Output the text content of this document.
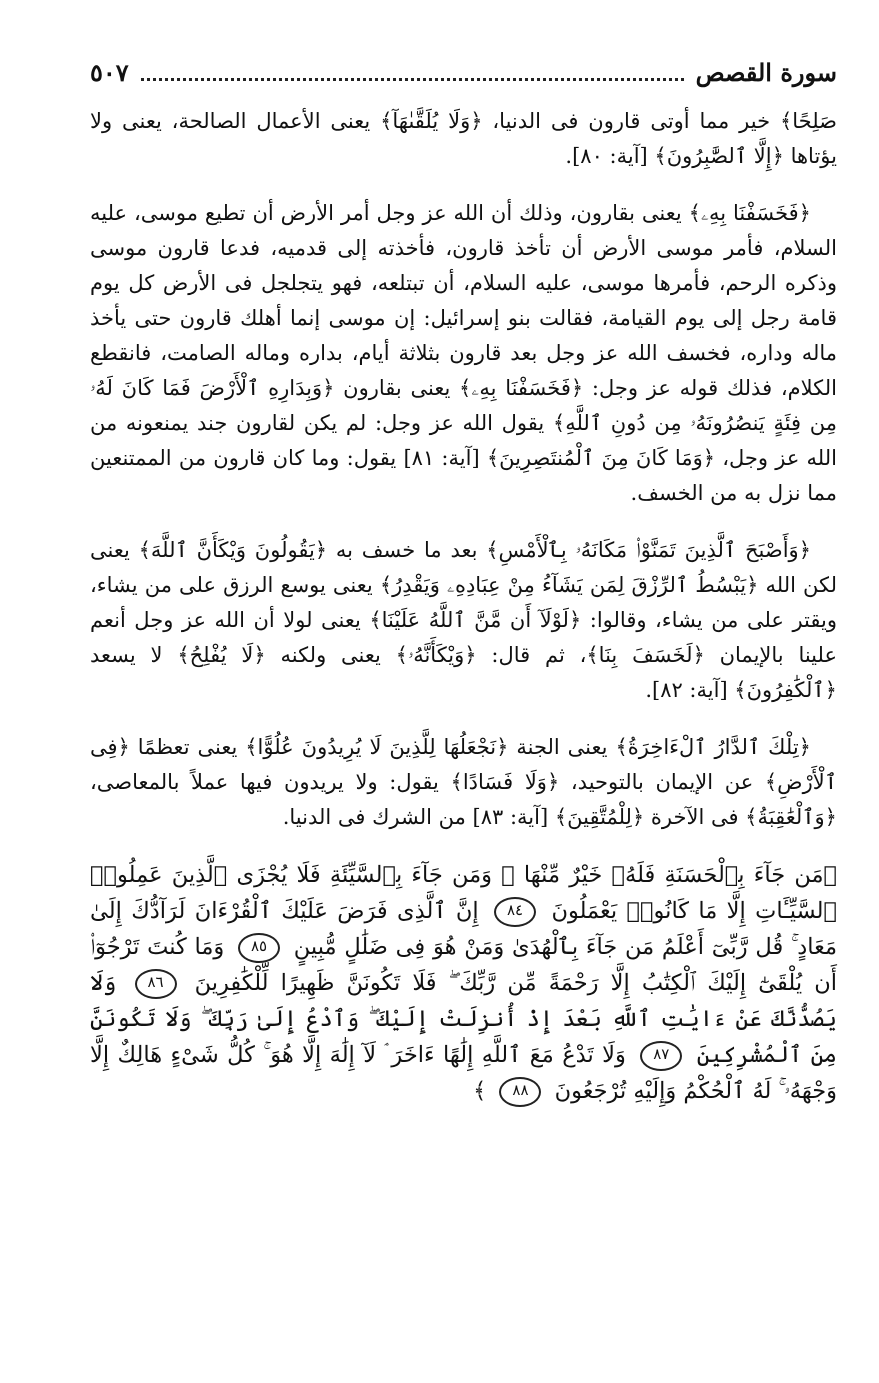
سورة القصص
٥٠٧

صَلِحًا﴾ خير مما أوتى قارون فى الدنيا، ﴿وَلَا يُلَقَّىٰهَآ﴾ يعنى الأعمال الصالحة، يعنى ولا يؤتاها ﴿إِلَّا ٱلصَّٰبِرُونَ﴾ [آية: ٨٠].

﴿فَخَسَفْنَا بِهِۦ﴾ يعنى بقارون، وذلك أن الله عز وجل أمر الأرض أن تطيع موسى، عليه السلام، فأمر موسى الأرض أن تأخذ قارون، فأخذته إلى قدميه، فدعا قارون موسى وذكره الرحم، فأمرها موسى، عليه السلام، أن تبتلعه، فهو يتجلجل فى الأرض كل يوم قامة رجل إلى يوم القيامة، فقالت بنو إسرائيل: إن موسى إنما أهلك قارون حتى يأخذ ماله وداره، فخسف الله عز وجل بعد قارون بثلاثة أيام، بداره وماله الصامت، فانقطع الكلام، فذلك قوله عز وجل: ﴿فَخَسَفْنَا بِهِۦ﴾ يعنى بقارون ﴿وَبِدَارِهِ ٱلْأَرْضَ فَمَا كَانَ لَهُۥ مِن فِئَةٍ يَنصُرُونَهُۥ مِن دُونِ ٱللَّهِ﴾ يقول الله عز وجل: لم يكن لقارون جند يمنعونه من الله عز وجل، ﴿وَمَا كَانَ مِنَ ٱلْمُنتَصِرِينَ﴾ [آية: ٨١] يقول: وما كان قارون من الممتنعين مما نزل به من الخسف.

﴿وَأَصْبَحَ ٱلَّذِينَ تَمَنَّوْا۟ مَكَانَهُۥ بِٱلْأَمْسِ﴾ بعد ما خسف به ﴿يَقُولُونَ وَيْكَأَنَّ ٱللَّهَ﴾ يعنى لكن الله ﴿يَبْسُطُ ٱلرِّزْقَ لِمَن يَشَآءُ مِنْ عِبَادِهِۦ وَيَقْدِرُ﴾ يعنى يوسع الرزق على من يشاء، ويقتر على من يشاء، وقالوا: ﴿لَوْلَآ أَن مَّنَّ ٱللَّهُ عَلَيْنَا﴾ يعنى لولا أن الله عز وجل أنعم علينا بالإيمان ﴿لَخَسَفَ بِنَا﴾، ثم قال: ﴿وَيْكَأَنَّهُۥ﴾ يعنى ولكنه ﴿لَا يُفْلِحُ﴾ لا يسعد ﴿ٱلْكَٰفِرُونَ﴾ [آية: ٨٢].

﴿تِلْكَ ٱلدَّارُ ٱلْءَاخِرَةُ﴾ يعنى الجنة ﴿نَجْعَلُهَا لِلَّذِينَ لَا يُرِيدُونَ عُلُوًّا﴾ يعنى تعظمًا ﴿فِى ٱلْأَرْضِ﴾ عن الإيمان بالتوحيد، ﴿وَلَا فَسَادًا﴾ يقول: ولا يريدون فيها عملاً بالمعاصى، ﴿وَٱلْعَٰقِبَةُ﴾ فى الآخرة ﴿لِلْمُتَّقِينَ﴾ [آية: ٨٣] من الشرك فى الدنيا.

﴿مَن جَآءَ بِٱلْحَسَنَةِ فَلَهُۥ خَيْرٌ مِّنْهَا ۖ وَمَن جَآءَ بِٱلسَّيِّئَةِ فَلَا يُجْزَى ٱلَّذِينَ عَمِلُوا۟ ٱلسَّيِّـَٔاتِ إِلَّا مَا كَانُوا۟ يَعْمَلُونَ ٨٤ إِنَّ ٱلَّذِى فَرَضَ عَلَيْكَ ٱلْقُرْءَانَ لَرَآدُّكَ إِلَىٰ مَعَادٍ ۚ قُل رَّبِّىٓ أَعْلَمُ مَن جَآءَ بِٱلْهُدَىٰ وَمَنْ هُوَ فِى ضَلَٰلٍ مُّبِينٍ ٨٥ وَمَا كُنتَ تَرْجُوٓا۟ أَن يُلْقَىٰٓ إِلَيْكَ ٱلْكِتَٰبُ إِلَّا رَحْمَةً مِّن رَّبِّكَ ۖ فَلَا تَكُونَنَّ ظَهِيرًا لِّلْكَٰفِرِينَ ٨٦ وَلَا يَصُدُّنَّكَ عَنْ ءَايَٰتِ ٱللَّهِ بَعْدَ إِذْ أُنزِلَتْ إِلَيْكَ ۖ وَٱدْعُ إِلَىٰ رَبِّكَ ۖ وَلَا تَكُونَنَّ مِنَ ٱلْمُشْرِكِينَ ٨٧ وَلَا تَدْعُ مَعَ ٱللَّهِ إِلَٰهًا ءَاخَرَ ۘ لَآ إِلَٰهَ إِلَّا هُوَ ۚ كُلُّ شَىْءٍ هَالِكٌ إِلَّا وَجْهَهُۥ ۚ لَهُ ٱلْحُكْمُ وَإِلَيْهِ تُرْجَعُونَ ٨٨ ﴾
